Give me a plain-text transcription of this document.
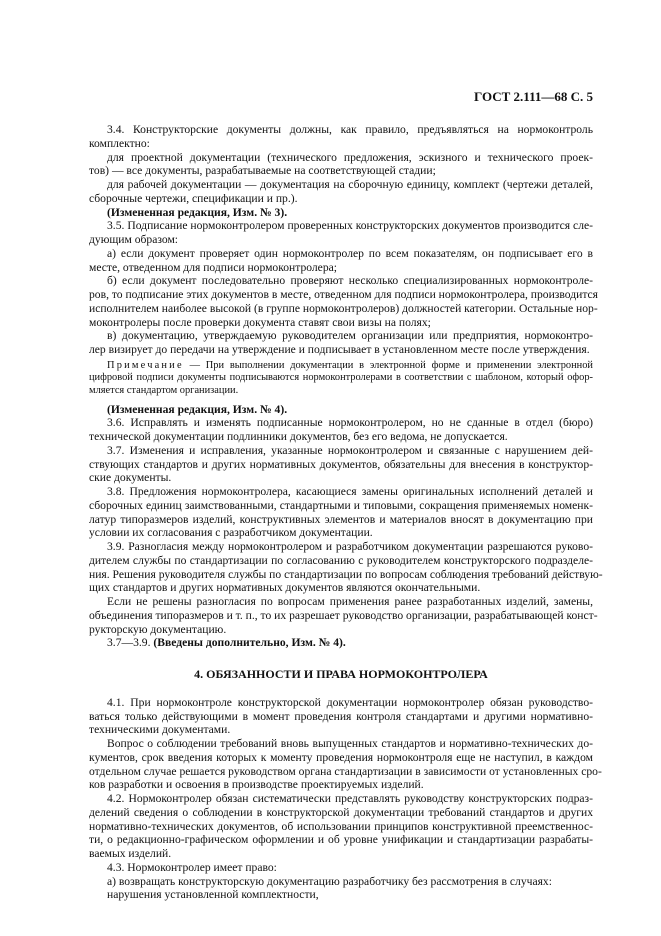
ГОСТ 2.111—68 С. 5
3.4. Конструкторские документы должны, как правило, предъявляться на нормоконтроль
комплектно:
для проектной документации (технического предложения, эскизного и технического проек-
тов) — все документы, разрабатываемые на соответствующей стадии;
для рабочей документации — документация на сборочную единицу, комплект (чертежи деталей,
сборочные чертежи, спецификации и пр.).
(Измененная редакция, Изм. № 3).
3.5. Подписание нормоконтролером проверенных конструкторских документов производится сле-
дующим образом:
а) если документ проверяет один нормоконтролер по всем показателям, он подписывает его в
месте, отведенном для подписи нормоконтролера;
б) если документ последовательно проверяют несколько специализированных нормоконтроле-
ров, то подписание этих документов в месте, отведенном для подписи нормоконтролера, производится
исполнителем наиболее высокой (в группе нормоконтролеров) должностей категории. Остальные нор-
моконтролеры после проверки документа ставят свои визы на полях;
в) документацию, утверждаемую руководителем организации или предприятия, нормоконтро-
лер визирует до передачи на утверждение и подписывает в установленном месте после утверждения.
Примечание — При выполнении документации в электронной форме и применении электронной
цифровой подписи документы подписываются нормоконтролерами в соответствии с шаблоном, который офор-
мляется стандартом организации.
(Измененная редакция, Изм. № 4).
3.6. Исправлять и изменять подписанные нормоконтролером, но не сданные в отдел (бюро)
технической документации подлинники документов, без его ведома, не допускается.
3.7. Изменения и исправления, указанные нормоконтролером и связанные с нарушением дей-
ствующих стандартов и других нормативных документов, обязательны для внесения в конструктор-
ские документы.
3.8. Предложения нормоконтролера, касающиеся замены оригинальных исполнений деталей и
сборочных единиц заимствованными, стандартными и типовыми, сокращения применяемых номенк-
латур типоразмеров изделий, конструктивных элементов и материалов вносят в документацию при
условии их согласования с разработчиком документации.
3.9. Разногласия между нормоконтролером и разработчиком документации разрешаются руково-
дителем службы по стандартизации по согласованию с руководителем конструкторского подразделе-
ния. Решения руководителя службы по стандартизации по вопросам соблюдения требований действую-
щих стандартов и других нормативных документов являются окончательными.
Если не решены разногласия по вопросам применения ранее разработанных изделий, замены,
объединения типоразмеров и т. п., то их разрешает руководство организации, разрабатывающей конст-
рукторскую документацию.
3.7—3.9. (Введены дополнительно, Изм. № 4).
4. ОБЯЗАННОСТИ И ПРАВА НОРМОКОНТРОЛЕРА
4.1. При нормоконтроле конструкторской документации нормоконтролер обязан руководство-
ваться только действующими в момент проведения контроля стандартами и другими нормативно-
техническими документами.
Вопрос о соблюдении требований вновь выпущенных стандартов и нормативно-технических до-
кументов, срок введения которых к моменту проведения нормоконтроля еще не наступил, в каждом
отдельном случае решается руководством органа стандартизации в зависимости от установленных сро-
ков разработки и освоения в производстве проектируемых изделий.
4.2. Нормоконтролер обязан систематически представлять руководству конструкторских подраз-
делений сведения о соблюдении в конструкторской документации требований стандартов и других
нормативно-технических документов, об использовании принципов конструктивной преемственнос-
ти, о редакционно-графическом оформлении и об уровне унификации и стандартизации разрабаты-
ваемых изделий.
4.3. Нормоконтролер имеет право:
а) возвращать конструкторскую документацию разработчику без рассмотрения в случаях:
нарушения установленной комплектности,
